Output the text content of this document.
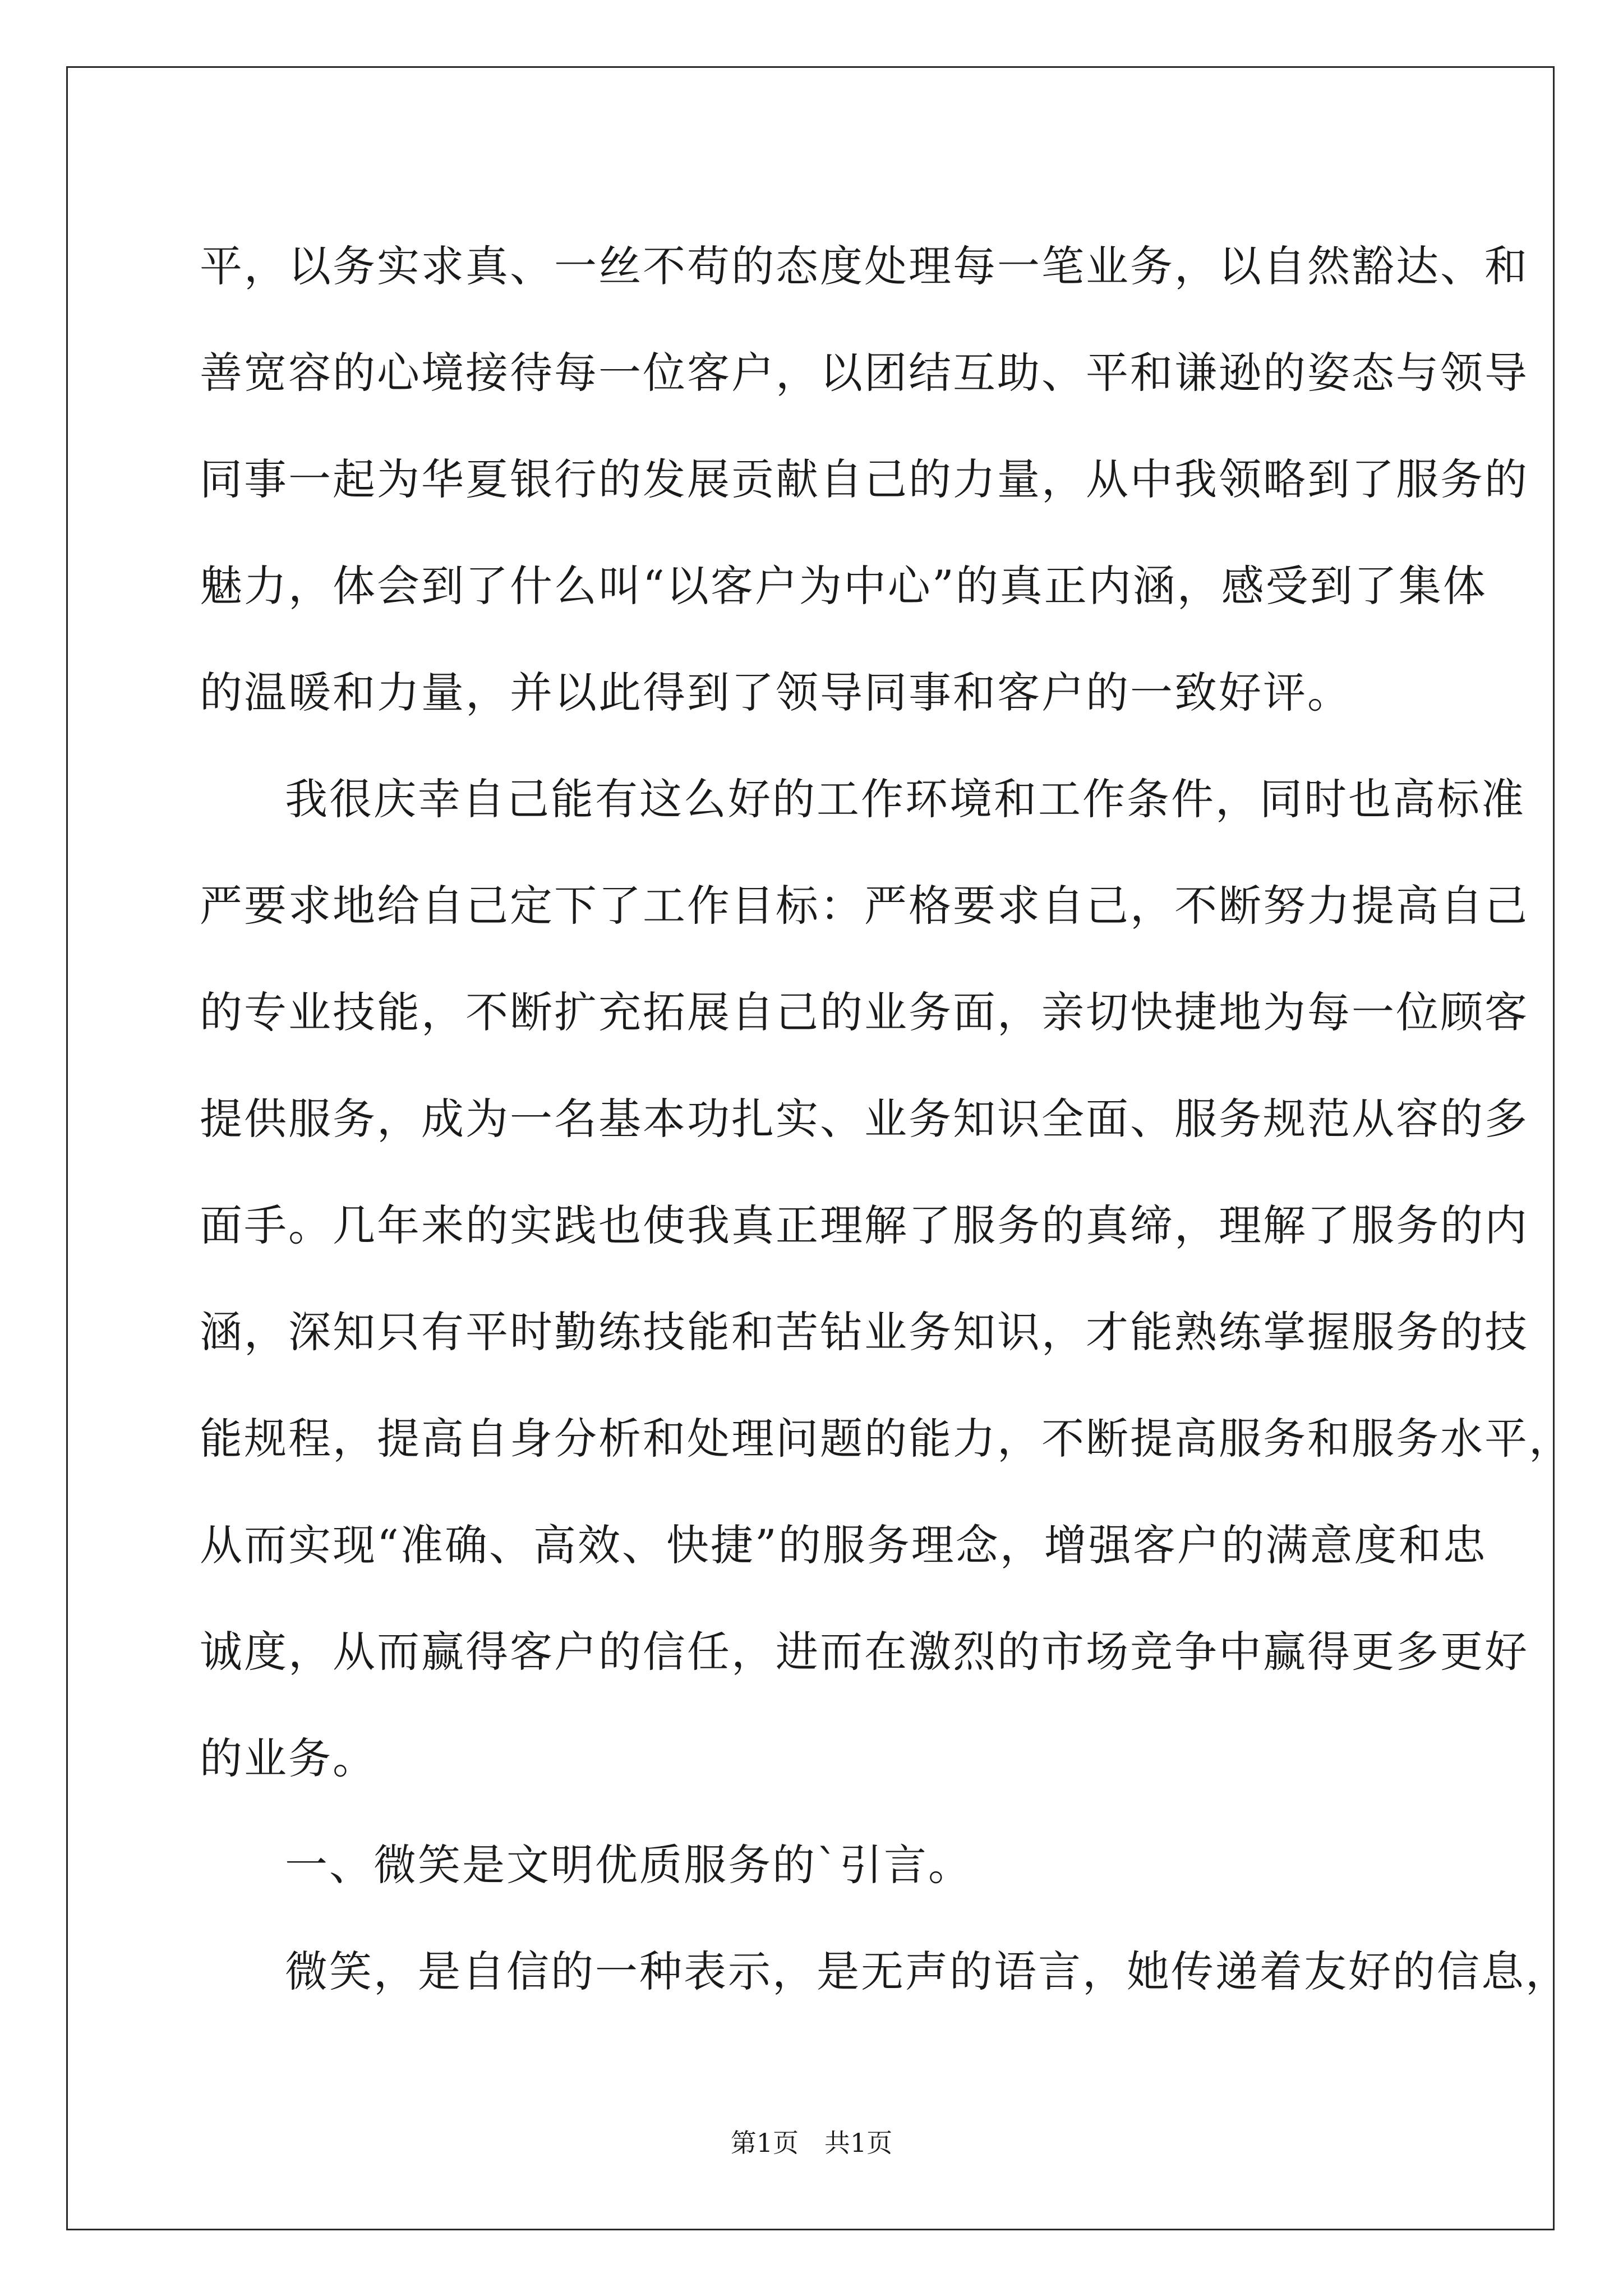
平，以务实求真、一丝不苟的态度处理每一笔业务，以自然豁达、和
善宽容的心境接待每一位客户，以团结互助、平和谦逊的姿态与领导
同事一起为华夏银行的发展贡献自己的力量，从中我领略到了服务的
魅力，体会到了什么叫“以客户为中心”的真正内涵，感受到了集体
的温暖和力量，并以此得到了领导同事和客户的一致好评。
我很庆幸自己能有这么好的工作环境和工作条件，同时也高标准
严要求地给自己定下了工作目标：严格要求自己，不断努力提高自己
的专业技能，不断扩充拓展自己的业务面，亲切快捷地为每一位顾客
提供服务，成为一名基本功扎实、业务知识全面、服务规范从容的多
面手。几年来的实践也使我真正理解了服务的真缔，理解了服务的内
涵，深知只有平时勤练技能和苦钻业务知识，才能熟练掌握服务的技
能规程，提高自身分析和处理问题的能力，不断提高服务和服务水平，
从而实现“准确、高效、快捷”的服务理念，增强客户的满意度和忠
诚度，从而赢得客户的信任，进而在激烈的市场竞争中赢得更多更好
的业务。
一、微笑是文明优质服务的`引言。
微笑，是自信的一种表示，是无声的语言，她传递着友好的信息，
第1页　共1页
